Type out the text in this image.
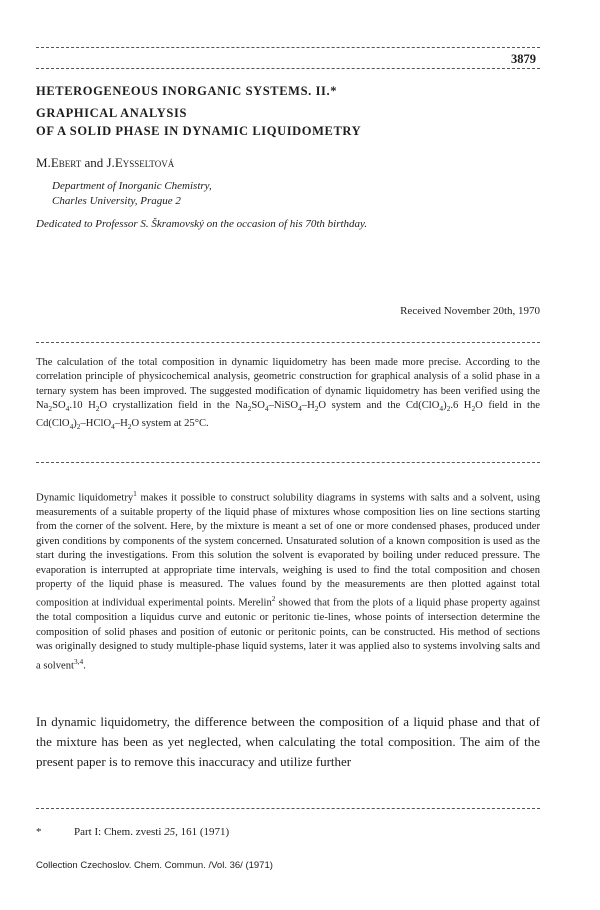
3879
HETEROGENEOUS INORGANIC SYSTEMS. II.*
GRAPHICAL ANALYSIS
OF A SOLID PHASE IN DYNAMIC LIQUIDOMETRY
M.Ebert and J.Eysseltová
Department of Inorganic Chemistry,
Charles University, Prague 2
Dedicated to Professor S. Škramovský on the occasion of his 70th birthday.
Received November 20th, 1970

The calculation of the total composition in dynamic liquidometry has been made more precise. According to the correlation principle of physicochemical analysis, geometric construction for graphical analysis of a solid phase in a ternary system has been improved. The suggested modification of dynamic liquidometry has been verified using the $Na_2SO_4.10$ $H_2O$ crystallization field in the $Na_2SO_4-NiSO_4-H_2O$ system and the $Cd(ClO_4)_2.6$ $H_2O$ field in the $Cd(ClO_4)_2-HClO_4-H_2O$ system at 25°C.

Dynamic liquidometry$^1$ makes it possible to construct solubility diagrams in systems with salts and a solvent, using measurements of a suitable property of the liquid phase of mixtures whose composition lies on line sections starting from the corner of the solvent. Here, by the mixture is meant a set of one or more condensed phases, produced under given conditions by components of the system concerned. Unsaturated solution of a known composition is used as the start during the investigations. From this solution the solvent is evaporated by boiling under reduced pressure. The evaporation is interrupted at appropriate time intervals, weighing is used to find the total composition and chosen property of the liquid phase is measured. The values found by the measurements are then plotted against total composition at individual experimental points. Merelin$^2$ showed that from the plots of a liquid phase property against the total composition a liquidus curve and eutonic or peritonic tie-lines, whose points of intersection determine the composition of solid phases and position of eutonic or peritonic points, can be constructed. His method of sections was originally designed to study multiple-phase liquid systems, later it was applied also to systems involving salts and a solvent$^{3,4}$.

In dynamic liquidometry, the difference between the composition of a liquid phase and that of the mixture has been as yet neglected, when calculating the total composition. The aim of the present paper is to remove this inaccuracy and utilize further

*	Part I: Chem. zvesti 25, 161 (1971)
Collection Czechoslov. Chem. Commun. /Vol. 36/ (1971)
